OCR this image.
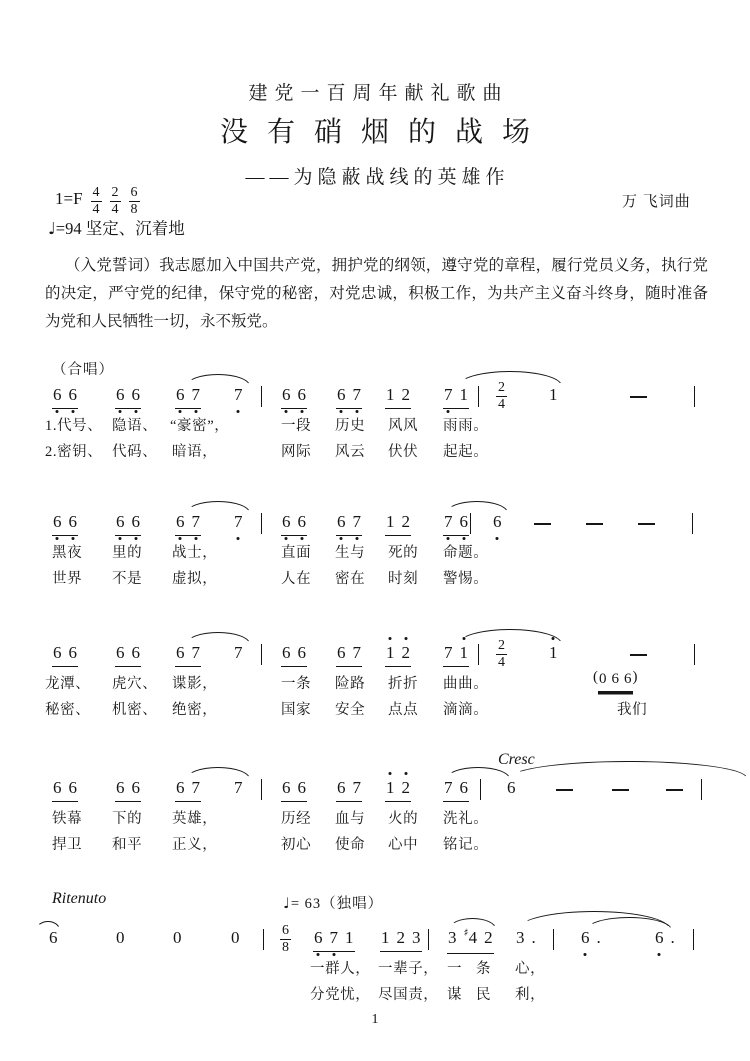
建党一百周年献礼歌曲
没有硝烟的战场
——为隐蔽战线的英雄作
$1=F \frac{4}{4} \frac{2}{4} \frac{6}{8}$	万 飞词曲
♩=94 坚定、沉着地
（入党誓词）我志愿加入中国共产党，拥护党的纲领，遵守党的章程，履行党员义务，执行党的决定，严守党的纪律，保守党的秘密，对党忠诚，积极工作，为共产主义奋斗终身，随时准备为党和人民牺牲一切，永不叛党。
（合唱）
6 6 6 6 6 7 7 6 6 6 7 1 2 7 1 2
4
1
1.代号、 隐语、 “豪密”，	一段 历史 风风 雨雨。
2.密钥、 代码、 暗语，	网际 风云 伏伏 起起。
6 6 6 6 6 7 7 6 6 6 7 1 2 7 6 6
黑夜 里的 战士，	直面 生与 死的 命题。
世界 不是 虚拟，	人在 密在 时刻 警惕。
6 6 6 6 6 7 7 6 6 6 7 1 2 7 1 2
4
1
(0 6 6)
龙潭、 虎穴、 谍影，	一条 险路 折折 曲曲。
秘密、 机密、 绝密，	国家 安全 点点 滴滴。	我们
Cresc
6 6 6 6 6 7 7 6 6 6 7 1 2 7 6 6
铁幕 下的 英雄，	历经 血与 火的 洗礼。
捍卫 和平 正义，	初心 使命 心中 铭记。
Ritenuto	♩= 63（独唱）
6	0	0	0	6
8
6 7 1 1 2 3 3 ♯4 2 3 .	6 .	6 .
一群人， 一辈子， 一 条 心，
分党忧， 尽国责， 谋 民 利，
1
